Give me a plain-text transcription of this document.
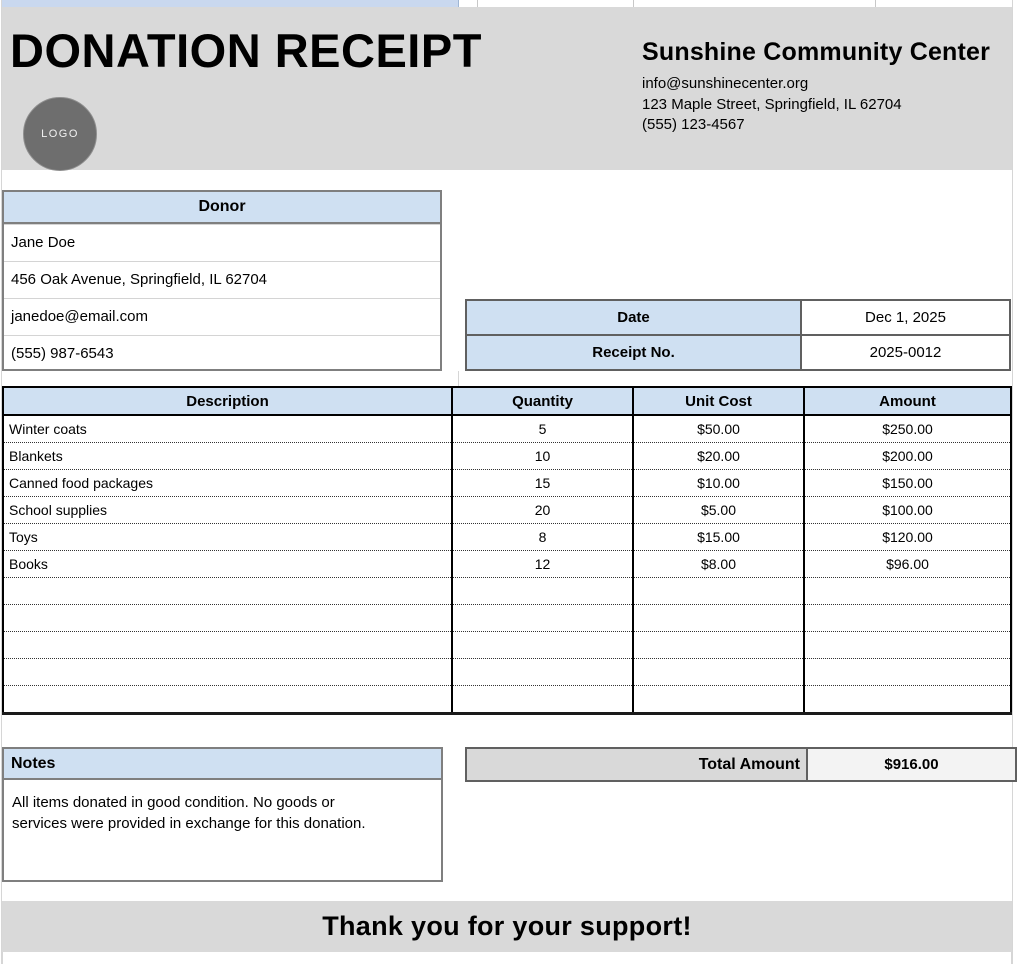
DONATION RECEIPT
LOGO
Sunshine Community Center
info@sunshinecenter.org
123 Maple Street, Springfield, IL 62704
(555) 123-4567
Donor
Jane Doe
456 Oak Avenue, Springfield, IL 62704
janedoe@email.com
(555) 987-6543
Date	Dec 1, 2025
Receipt No.	2025-0012
Description	Quantity	Unit Cost	Amount
Winter coats	5	$50.00	$250.00
Blankets	10	$20.00	$200.00
Canned food packages	15	$10.00	$150.00
School supplies	20	$5.00	$100.00
Toys	8	$15.00	$120.00
Books	12	$8.00	$96.00

Notes

All items donated in good condition. No goods or services were provided in exchange for this donation.

Total Amount	$916.00
Thank you for your support!
